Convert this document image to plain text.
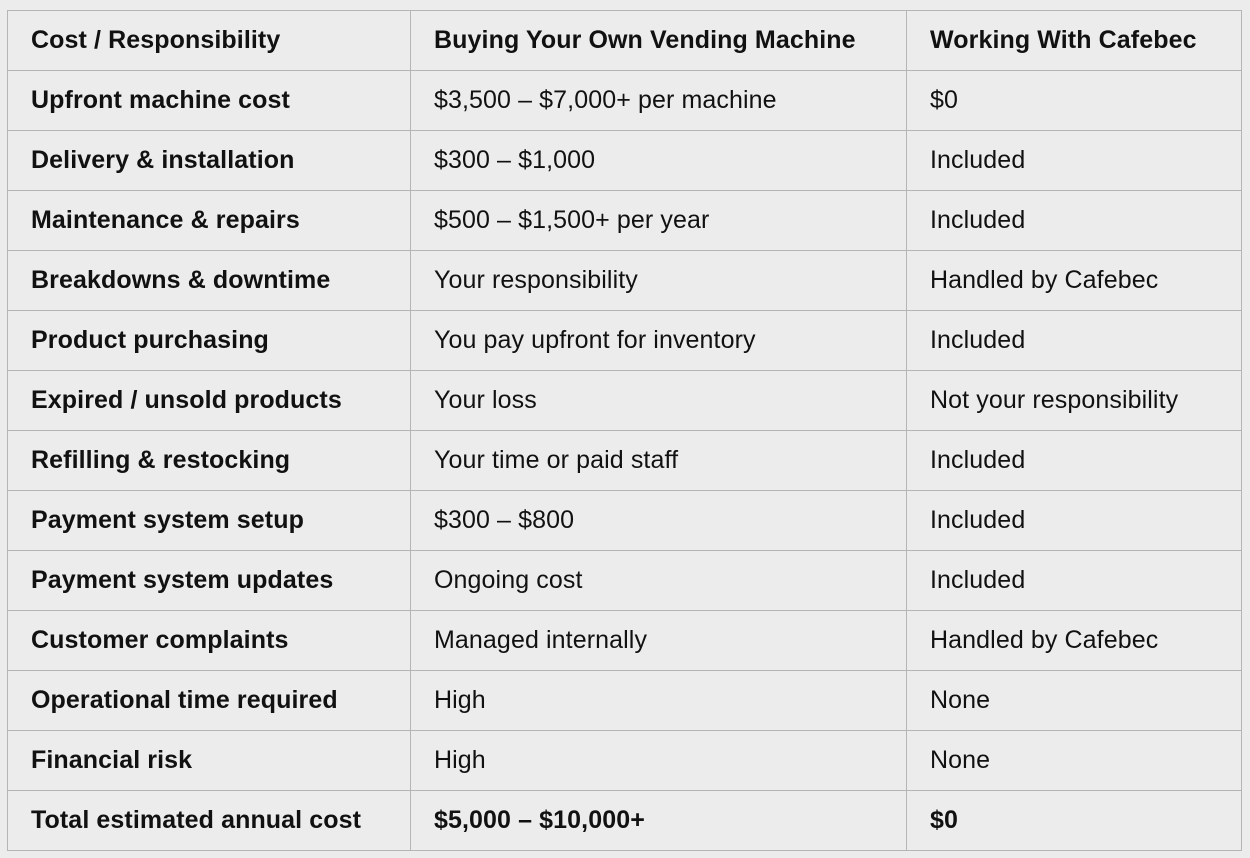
Cost / Responsibility	Buying Your Own Vending Machine	Working With Cafebec
Upfront machine cost	$3,500 – $7,000+ per machine	$0
Delivery & installation	$300 – $1,000	Included
Maintenance & repairs	$500 – $1,500+ per year	Included
Breakdowns & downtime	Your responsibility	Handled by Cafebec
Product purchasing	You pay upfront for inventory	Included
Expired / unsold products	Your loss	Not your responsibility
Refilling & restocking	Your time or paid staff	Included
Payment system setup	$300 – $800	Included
Payment system updates	Ongoing cost	Included
Customer complaints	Managed internally	Handled by Cafebec
Operational time required	High	None
Financial risk	High	None
Total estimated annual cost	$5,000 – $10,000+	$0
